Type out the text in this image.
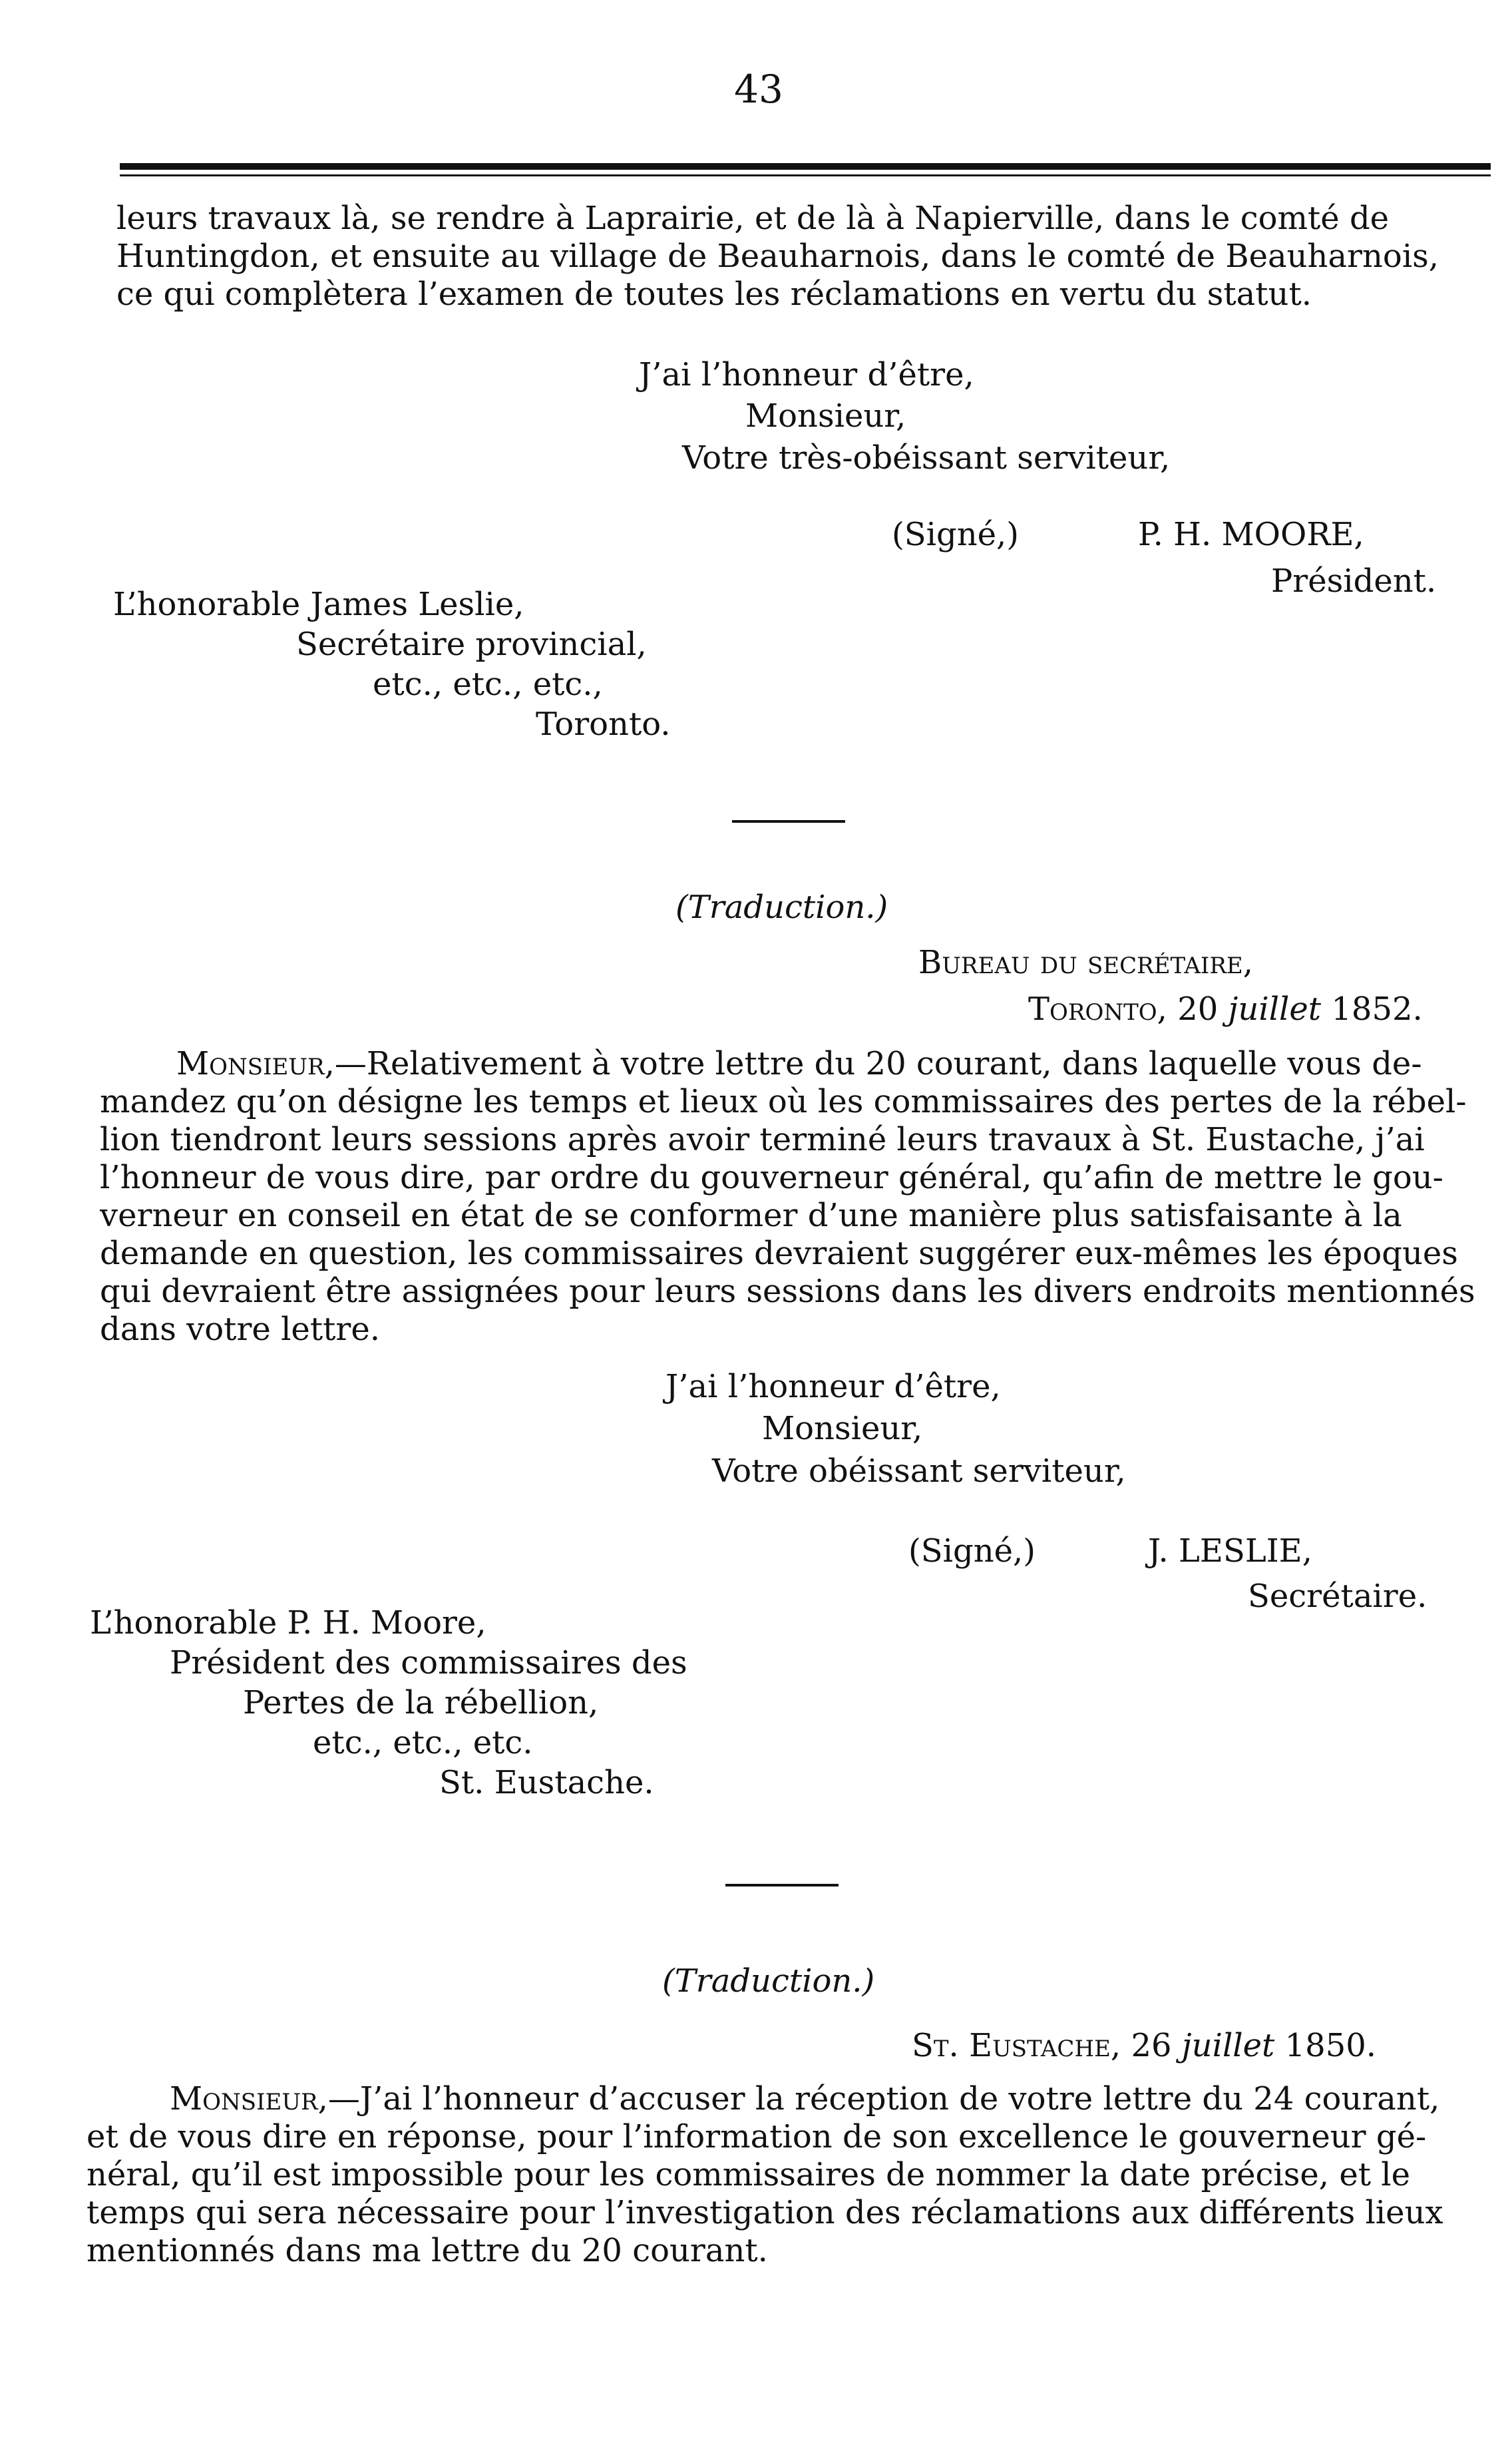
43
leurs travaux là, se rendre à Laprairie, et de là à Napierville, dans le comté de
Huntingdon, et ensuite au village de Beauharnois, dans le comté de Beauharnois,
ce qui complètera l’examen de toutes les réclamations en vertu du statut.
J’ai l’honneur d’être,
Monsieur,
Votre très-obéissant serviteur,
(Signé,)	P. H. MOORE,
Président.
L’honorable James Leslie,
Secrétaire provincial,
etc., etc., etc.,
Toronto.
(Traduction.)
Bureau du secrétaire,
Toronto, 20 juillet 1852.
Monsieur,—Relativement à votre lettre du 20 courant, dans laquelle vous de-
mandez qu’on désigne les temps et lieux où les commissaires des pertes de la rébel-
lion tiendront leurs sessions après avoir terminé leurs travaux à St. Eustache, j’ai
l’honneur de vous dire, par ordre du gouverneur général, qu’afin de mettre le gou-
verneur en conseil en état de se conformer d’une manière plus satisfaisante à la
demande en question, les commissaires devraient suggérer eux-mêmes les époques
qui devraient être assignées pour leurs sessions dans les divers endroits mentionnés
dans votre lettre.
J’ai l’honneur d’être,
Monsieur,
Votre obéissant serviteur,
(Signé,)	J. LESLIE,
Secrétaire.
L’honorable P. H. Moore,
Président des commissaires des
Pertes de la rébellion,
etc., etc., etc.
St. Eustache.
(Traduction.)
St. Eustache, 26 juillet 1850.
Monsieur,—J’ai l’honneur d’accuser la réception de votre lettre du 24 courant,
et de vous dire en réponse, pour l’information de son excellence le gouverneur gé-
néral, qu’il est impossible pour les commissaires de nommer la date précise, et le
temps qui sera nécessaire pour l’investigation des réclamations aux différents lieux
mentionnés dans ma lettre du 20 courant.
